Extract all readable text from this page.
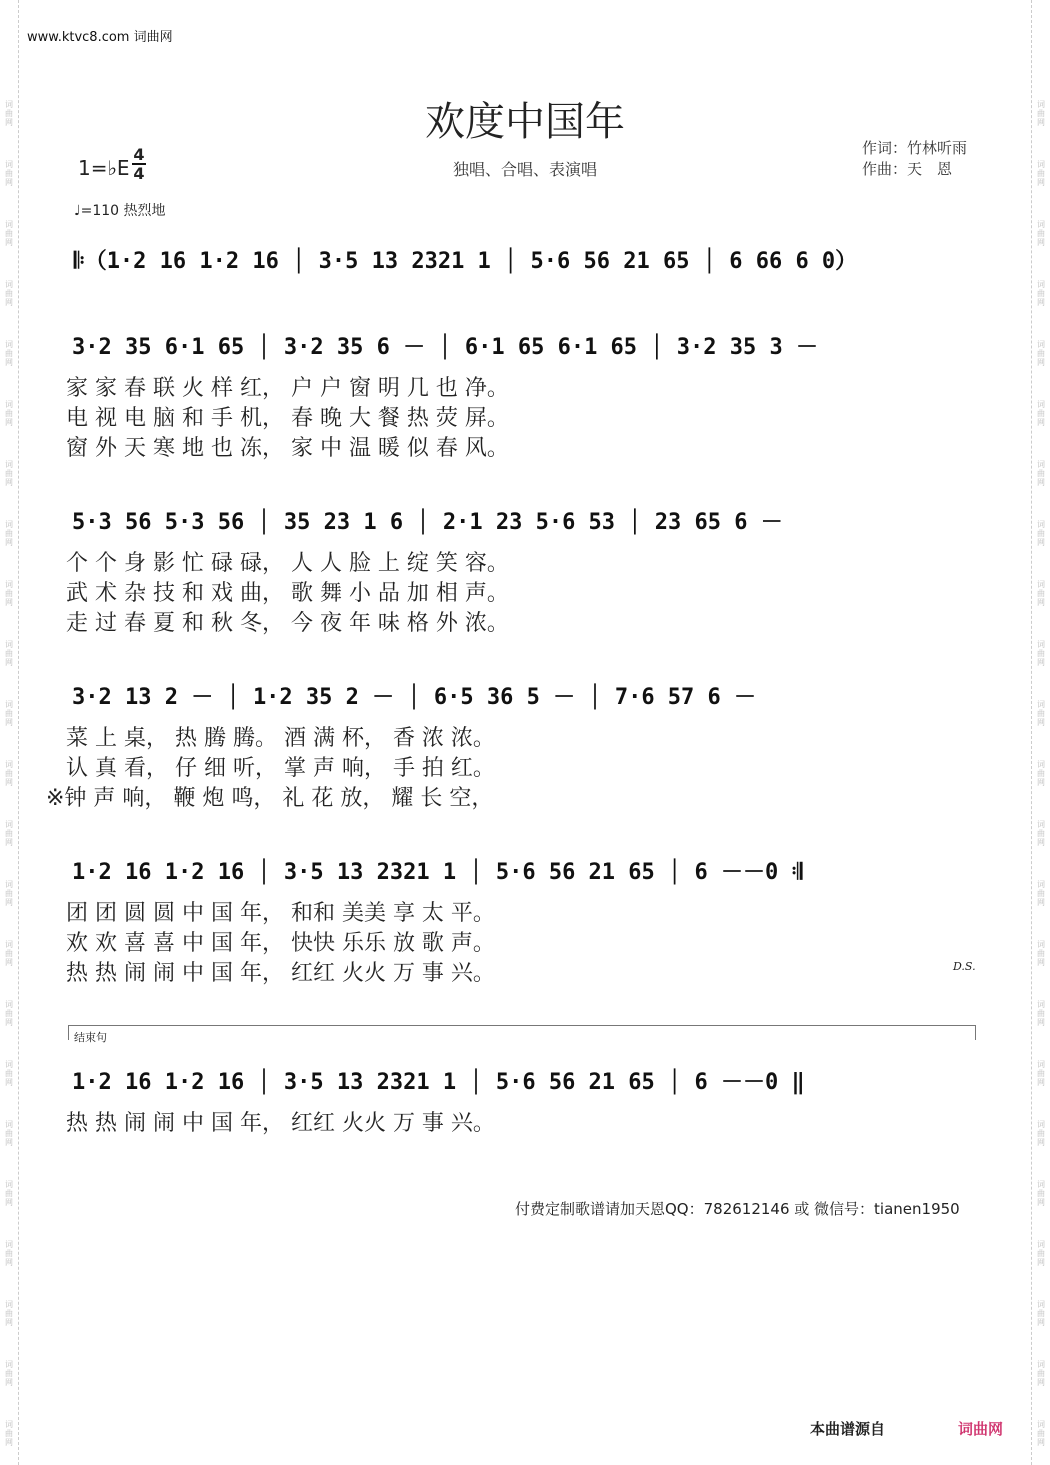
词
曲
网
词
曲
网
词
曲
网
词
曲
网
词
曲
网
词
曲
网
词
曲
网
词
曲
网
词
曲
网
词
曲
网
词
曲
网
词
曲
网
词
曲
网
词
曲
网
词
曲
网
词
曲
网
词
曲
网
词
曲
网
词
曲
网
词
曲
网
词
曲
网
词
曲
网
词
曲
网
词
曲
网
词
曲
网
词
曲
网
词
曲
网
词
曲
网
词
曲
网
词
曲
网
词
曲
网
词
曲
网
词
曲
网
词
曲
网
词
曲
网
词
曲
网
词
曲
网
词
曲
网
词
曲
网
词
曲
网
词
曲
网
词
曲
网
词
曲
网
词
曲
网
词
曲
网
词
曲
网
www.ktvc8.com 词曲网
欢度中国年
独唱、合唱、表演唱
作词：竹林听雨
作曲：天　恩
1=♭E
4
4
♩=110 热烈地
𝄆（1·2 16 1·2 16 │ 3·5 13 2321 1 │ 5·6 56 21 65 │ 6 66 6 0）
3·2 35 6·1 65 │ 3·2 35 6 － │ 6·1 65 6·1 65 │ 3·2 35 3 －
家 家 春 联 火 样 红， 户 户 窗 明 几 也 净。
电 视 电 脑 和 手 机， 春 晚 大 餐 热 荧 屏。
窗 外 天 寒 地 也 冻， 家 中 温 暖 似 春 风。
5·3 56 5·3 56 │ 35 23 1 6 │ 2·1 23 5·6 53 │ 23 65 6 －
个 个 身 影 忙 碌 碌， 人 人 脸 上 绽 笑 容。
武 术 杂 技 和 戏 曲， 歌 舞 小 品 加 相 声。
走 过 春 夏 和 秋 冬， 今 夜 年 味 格 外 浓。
3·2 13 2 － │ 1·2 35 2 － │ 6·5 36 5 － │ 7·6 57 6 －
菜 上 桌， 热 腾 腾。 酒 满 杯， 香 浓 浓。
认 真 看， 仔 细 听， 掌 声 响， 手 拍 红。
※钟 声 响， 鞭 炮 鸣， 礼 花 放， 耀 长 空，
1·2 16 1·2 16 │ 3·5 13 2321 1 │ 5·6 56 21 65 │ 6 －－0 𝄇
团 团 圆 圆 中 国 年， 和和 美美 享 太 平。
欢 欢 喜 喜 中 国 年， 快快 乐乐 放 歌 声。
热 热 闹 闹 中 国 年， 红红 火火 万 事 兴。	D.S.
结束句
1·2 16 1·2 16 │ 3·5 13 2321 1 │ 5·6 56 21 65 │ 6 －－0 ‖
热 热 闹 闹 中 国 年， 红红 火火 万 事 兴。
付费定制歌谱请加天恩QQ：782612146 或 微信号：tianen1950
本曲谱源自	词曲网
